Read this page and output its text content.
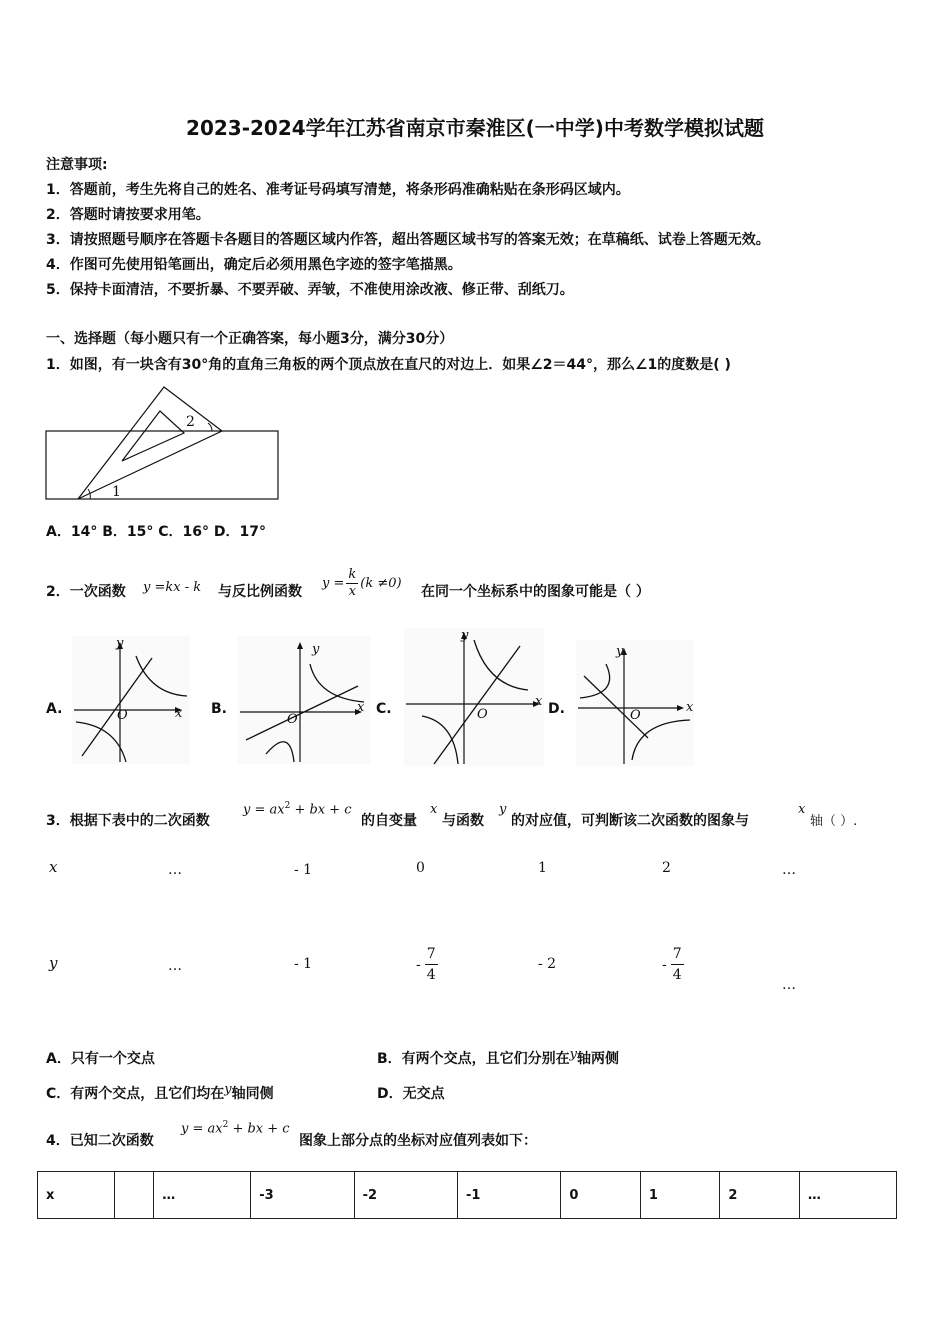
2023-2024学年江苏省南京市秦淮区(一中学)中考数学模拟试题
注意事项:
1．答题前，考生先将自己的姓名、准考证号码填写清楚，将条形码准确粘贴在条形码区域内。
2．答题时请按要求用笔。
3．请按照题号顺序在答题卡各题目的答题区域内作答，超出答题区域书写的答案无效；在草稿纸、试卷上答题无效。
4．作图可先使用铅笔画出，确定后必须用黑色字迹的签字笔描黑。
5．保持卡面清洁，不要折暴、不要弄破、弄皱，不准使用涂改液、修正带、刮纸刀。
一、选择题（每小题只有一个正确答案，每小题3分，满分30分）
1．如图，有一块含有30°角的直角三角板的两个顶点放在直尺的对边上．如果∠2＝44°，那么∠1的度数是( )
1
2
A．14° B．15° C．16° D．17°
2．一次函数 y =kx - k 与反比例函数
$y = \frac{k}{x} (k \ne 0)$
在同一个坐标系中的图象可能是（ ）
A.
y
x
O	B.
y
x
O
C.
y
x
O	D.
y
x
O
3．根据下表中的二次函数
$y = ax^2$ + bx + c
的自变量
x
与函数
y
的对应值，可判断该二次函数的图象与
x
轴（ ）.
x	…	- 1	0	1	2	…
y	…	- 1	- $\frac{7}{4}$	- 2	- $\frac{7}{4}$	…
A．只有一个交点	B．有两个交点，且它们分别在y轴两侧
C．有两个交点，且它们均在y轴同侧	D．无交点
4．已知二次函数
$y = ax^2$ + bx + c
图象上部分点的坐标对应值列表如下：
x		…	-3	-2	-1	0	1	2	…
